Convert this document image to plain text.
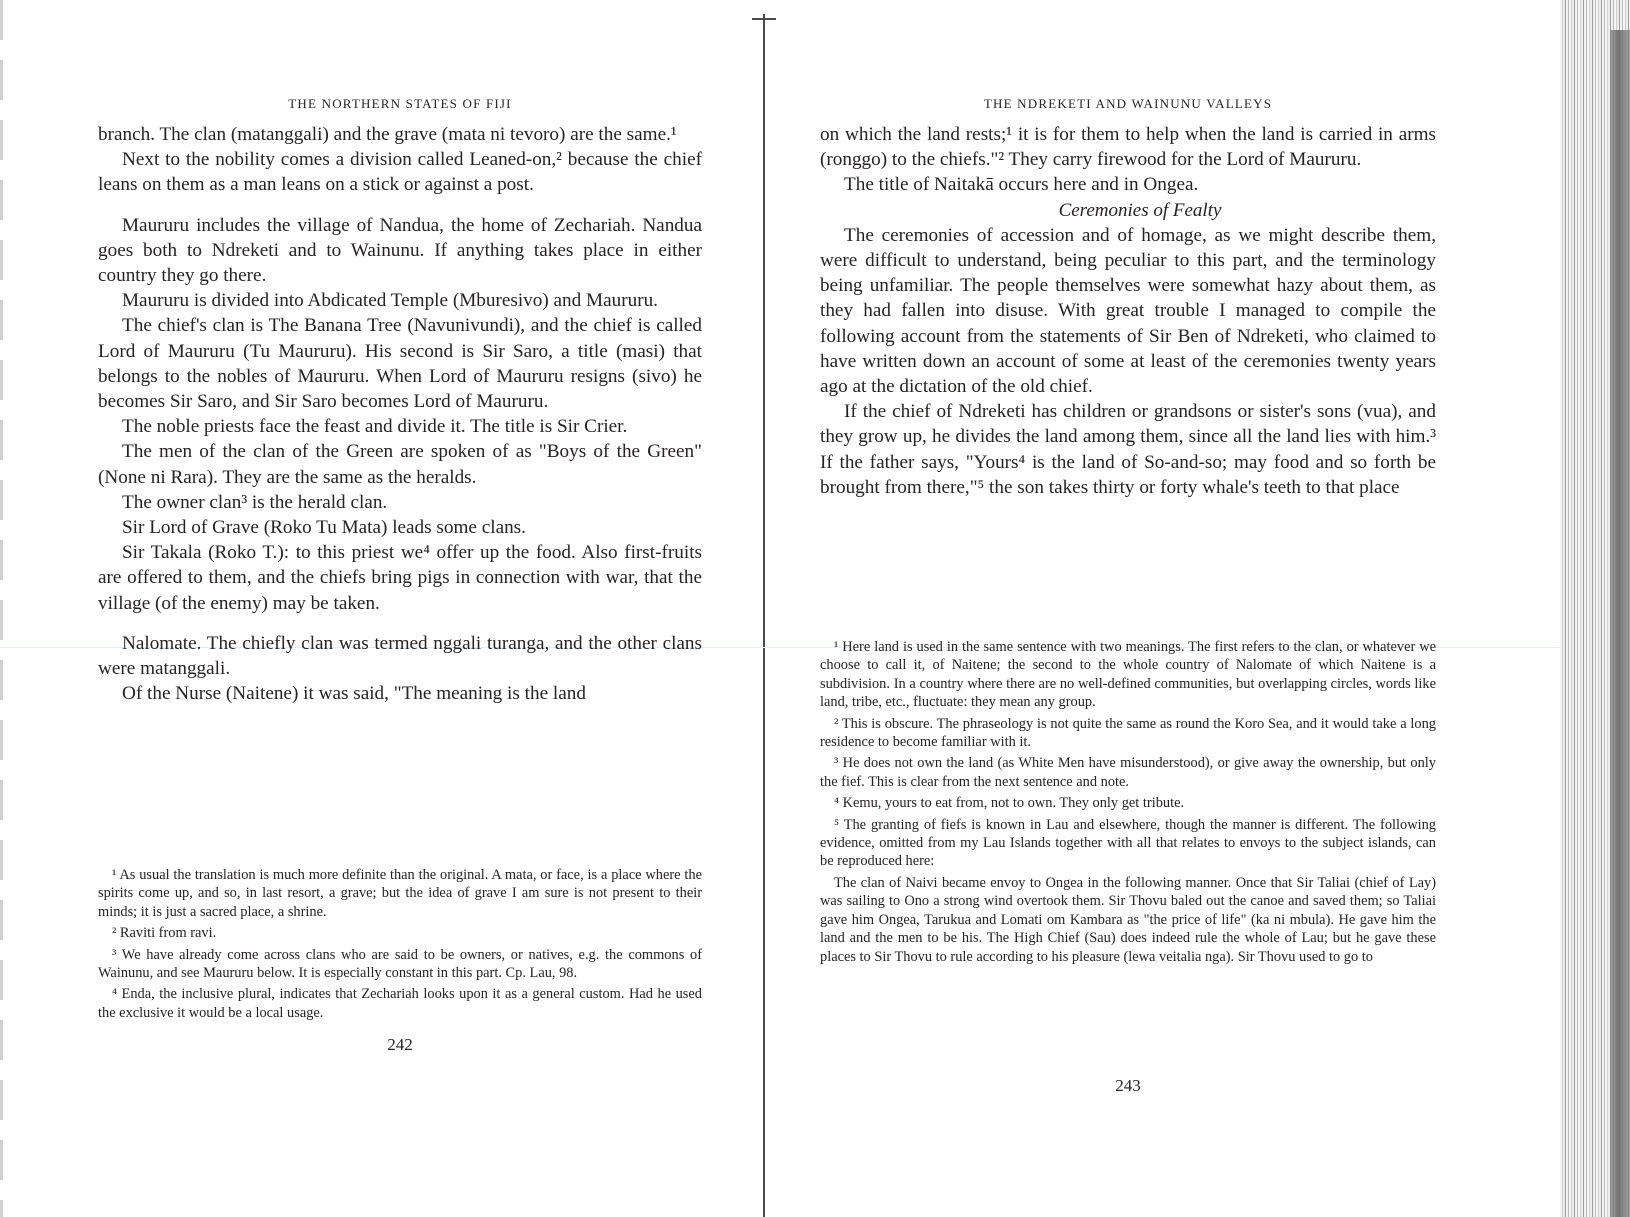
THE NORTHERN STATES OF FIJI

branch. The clan (matanggali) and the grave (mata ni tevoro) are the same.¹

Next to the nobility comes a division called Leaned-on,² because the chief leans on them as a man leans on a stick or against a post.

Maururu includes the village of Nandua, the home of Zechariah. Nandua goes both to Ndreketi and to Wainunu. If anything takes place in either country they go there.

Maururu is divided into Abdicated Temple (Mburesivo) and Maururu.

The chief's clan is The Banana Tree (Navunivundi), and the chief is called Lord of Maururu (Tu Maururu). His second is Sir Saro, a title (masi) that belongs to the nobles of Maururu. When Lord of Maururu resigns (sivo) he becomes Sir Saro, and Sir Saro becomes Lord of Maururu.

The noble priests face the feast and divide it. The title is Sir Crier.

The men of the clan of the Green are spoken of as "Boys of the Green" (None ni Rara). They are the same as the heralds.

The owner clan³ is the herald clan.

Sir Lord of Grave (Roko Tu Mata) leads some clans.

Sir Takala (Roko T.): to this priest we⁴ offer up the food. Also first-fruits are offered to them, and the chiefs bring pigs in connection with war, that the village (of the enemy) may be taken.

Nalomate. The chiefly clan was termed nggali turanga, and the other clans were matanggali.

Of the Nurse (Naitene) it was said, "The meaning is the land

¹ As usual the translation is much more definite than the original. A mata, or face, is a place where the spirits come up, and so, in last resort, a grave; but the idea of grave I am sure is not present to their minds; it is just a sacred place, a shrine.

² Raviti from ravi.

³ We have already come across clans who are said to be owners, or natives, e.g. the commons of Wainunu, and see Maururu below. It is especially constant in this part. Cp. Lau, 98.

⁴ Enda, the inclusive plural, indicates that Zechariah looks upon it as a general custom. Had he used the exclusive it would be a local usage.

242
THE NDREKETI AND WAINUNU VALLEYS

on which the land rests;¹ it is for them to help when the land is carried in arms (ronggo) to the chiefs."² They carry firewood for the Lord of Maururu.

The title of Naitakā occurs here and in Ongea.

Ceremonies of Fealty

The ceremonies of accession and of homage, as we might describe them, were difficult to understand, being peculiar to this part, and the terminology being unfamiliar. The people themselves were somewhat hazy about them, as they had fallen into disuse. With great trouble I managed to compile the following account from the statements of Sir Ben of Ndreketi, who claimed to have written down an account of some at least of the ceremonies twenty years ago at the dictation of the old chief.

If the chief of Ndreketi has children or grandsons or sister's sons (vua), and they grow up, he divides the land among them, since all the land lies with him.³ If the father says, "Yours⁴ is the land of So-and-so; may food and so forth be brought from there,"⁵ the son takes thirty or forty whale's teeth to that place

¹ Here land is used in the same sentence with two meanings. The first refers to the clan, or whatever we choose to call it, of Naitene; the second to the whole country of Nalomate of which Naitene is a subdivision. In a country where there are no well-defined communities, but overlapping circles, words like land, tribe, etc., fluctuate: they mean any group.

² This is obscure. The phraseology is not quite the same as round the Koro Sea, and it would take a long residence to become familiar with it.

³ He does not own the land (as White Men have misunderstood), or give away the ownership, but only the fief. This is clear from the next sentence and note.

⁴ Kemu, yours to eat from, not to own. They only get tribute.

⁵ The granting of fiefs is known in Lau and elsewhere, though the manner is different. The following evidence, omitted from my Lau Islands together with all that relates to envoys to the subject islands, can be reproduced here:

The clan of Naivi became envoy to Ongea in the following manner. Once that Sir Taliai (chief of Lay) was sailing to Ono a strong wind overtook them. Sir Thovu baled out the canoe and saved them; so Taliai gave him Ongea, Tarukua and Lomati om Kambara as "the price of life" (ka ni mbula). He gave him the land and the men to be his. The High Chief (Sau) does indeed rule the whole of Lau; but he gave these places to Sir Thovu to rule according to his pleasure (lewa veitalia nga). Sir Thovu used to go to

243
